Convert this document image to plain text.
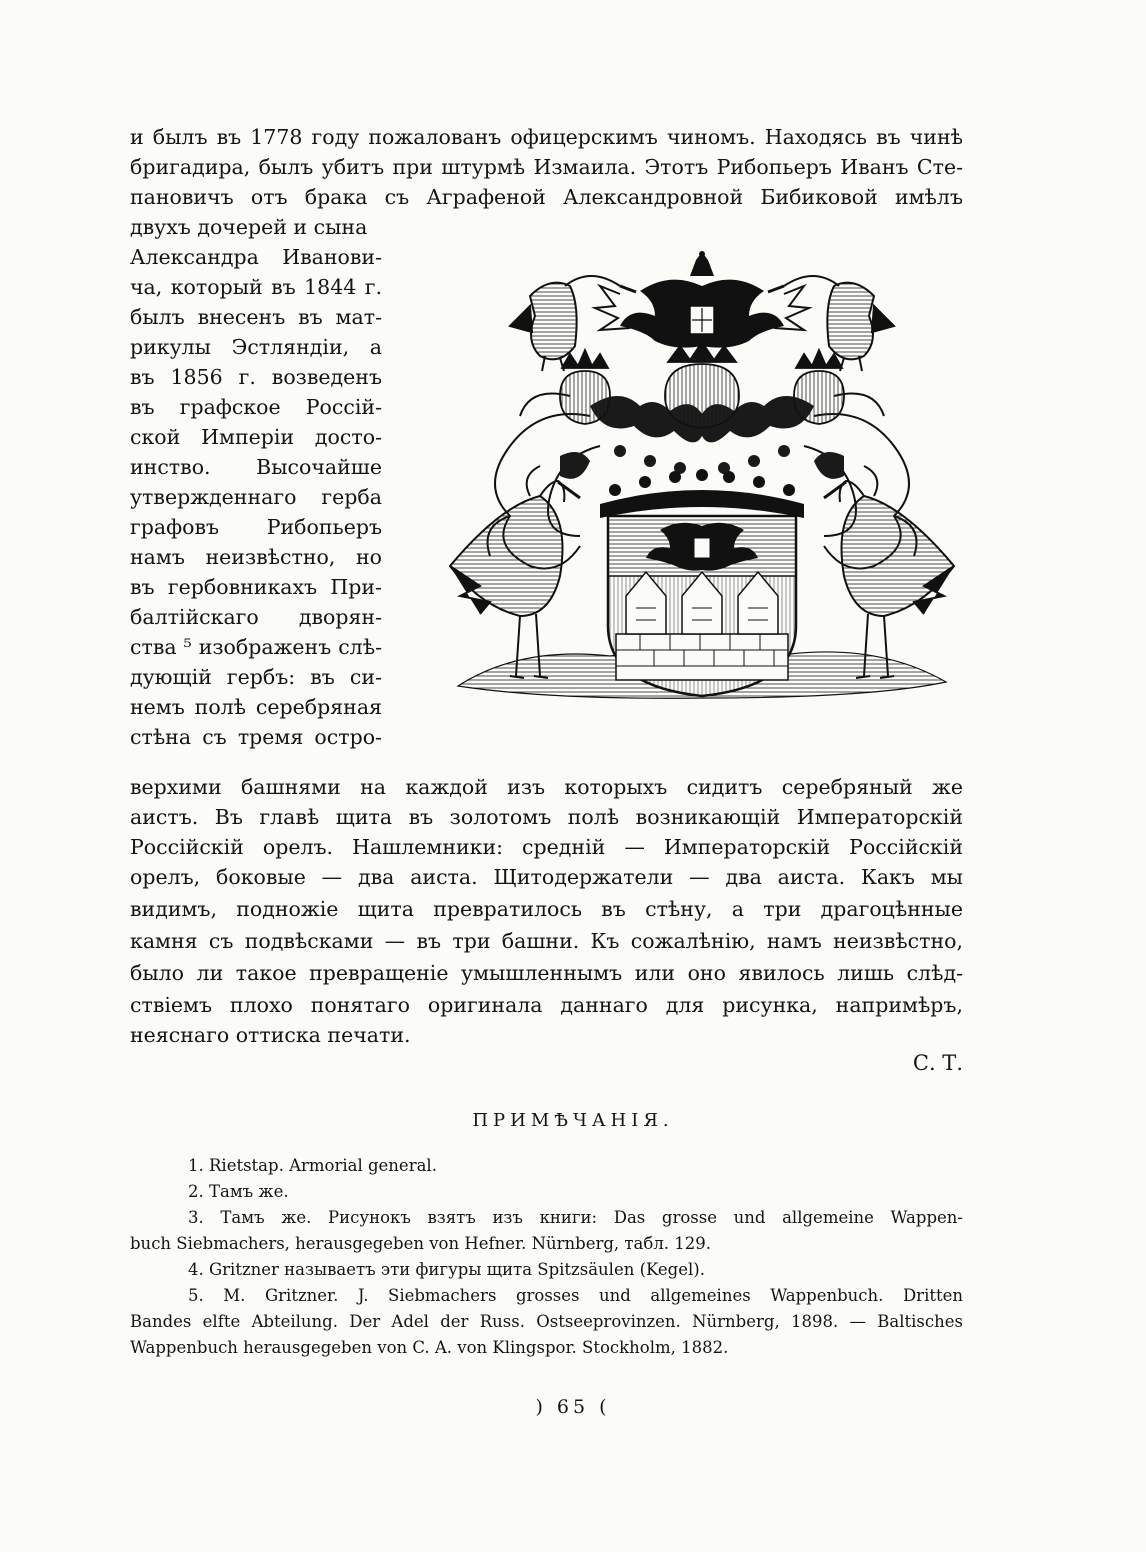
и былъ въ 1778 году пожалованъ офицерскимъ чиномъ. Находясь въ чинѣ
бригадира, былъ убитъ при штурмѣ Измаила. Этотъ Рибопьеръ Иванъ Сте-
пановичъ отъ брака съ Аграфеной Александровной Бибиковой имѣлъ
двухъ дочерей и сына
Александра Иванови-
ча, который въ 1844 г.
былъ внесенъ въ мат-
рикулы Эстляндіи, а
въ 1856 г. возведенъ
въ графское Россій-
ской Имперіи досто-
инство. Высочайше
утвержденнаго герба
графовъ Рибопьеръ
намъ неизвѣстно, но
въ гербовникахъ При-
балтійскаго дворян-
ства ⁵ изображенъ слѣ-
дующій гербъ: въ си-
немъ полѣ серебряная
стѣна съ тремя остро-
верхими башнями на каждой изъ которыхъ сидитъ серебряный же
аистъ. Въ главѣ щита въ золотомъ полѣ возникающій Императорскій
Россійскій орелъ. Нашлемники: средній — Императорскій Россійскій
орелъ, боковые — два аиста. Щитодержатели — два аиста. Какъ мы
видимъ, подножіе щита превратилось въ стѣну, а три драгоцѣнные
камня съ подвѣсками — въ три башни. Къ сожалѣнію, намъ неизвѣстно,
было ли такое превращеніе умышленнымъ или оно явилось лишь слѣд-
ствіемъ плохо понятаго оригинала даннаго для рисунка, напримѣръ,
неяснаго оттиска печати.
С. Т.
ПРИМѢЧАНІЯ.
1. Rietstap. Armorial general.
2. Тамъ же.
3. Тамъ же. Рисунокъ взятъ изъ книги: Das grosse und allgemeine Wappen-
buch Siebmachers, herausgegeben von Hefner. Nürnberg, табл. 129.
4. Gritzner называетъ эти фигуры щита Spitzsäulen (Kegel).
5. M. Gritzner. J. Siebmachers grosses und allgemeines Wappenbuch. Dritten
Bandes elfte Abteilung. Der Adel der Russ. Ostseeprovinzen. Nürnberg, 1898. — Baltisches
Wappenbuch herausgegeben von C. A. von Klingspor. Stockholm, 1882.
) 65 (
